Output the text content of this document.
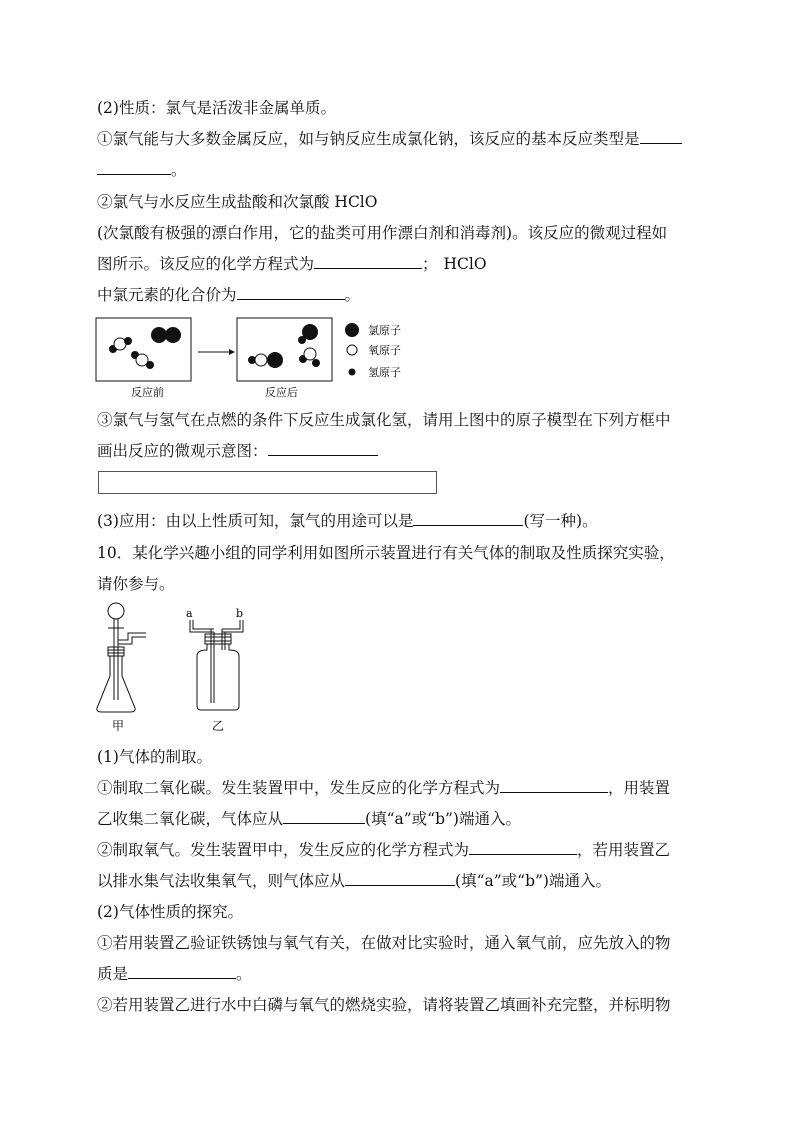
(2)性质：氯气是活泼非金属单质。
①氯气能与大多数金属反应，如与钠反应生成氯化钠，该反应的基本反应类型是
。
②氯气与水反应生成盐酸和次氯酸 HClO
(次氯酸有极强的漂白作用，它的盐类可用作漂白剂和消毒剂)。该反应的微观过程如
图所示。该反应的化学方程式为	； HClO
中氯元素的化合价为	。
反应前	反应后
氯原子
氧原子
氢原子
③氯气与氢气在点燃的条件下反应生成氯化氢，请用上图中的原子模型在下列方框中
画出反应的微观示意图：
(3)应用：由以上性质可知，氯气的用途可以是	(写一种)。
10．某化学兴趣小组的同学利用如图所示装置进行有关气体的制取及性质探究实验，
请你参与。
甲
a	b
乙
(1)气体的制取。
①制取二氧化碳。发生装置甲中，发生反应的化学方程式为	，用装置
乙收集二氧化碳，气体应从	(填“a”或“b”)端通入。
②制取氧气。发生装置甲中，发生反应的化学方程式为	，若用装置乙
以排水集气法收集氧气，则气体应从	(填“a”或“b”)端通入。
(2)气体性质的探究。
①若用装置乙验证铁锈蚀与氧气有关，在做对比实验时，通入氧气前，应先放入的物
质是	。
②若用装置乙进行水中白磷与氧气的燃烧实验，请将装置乙填画补充完整，并标明物
